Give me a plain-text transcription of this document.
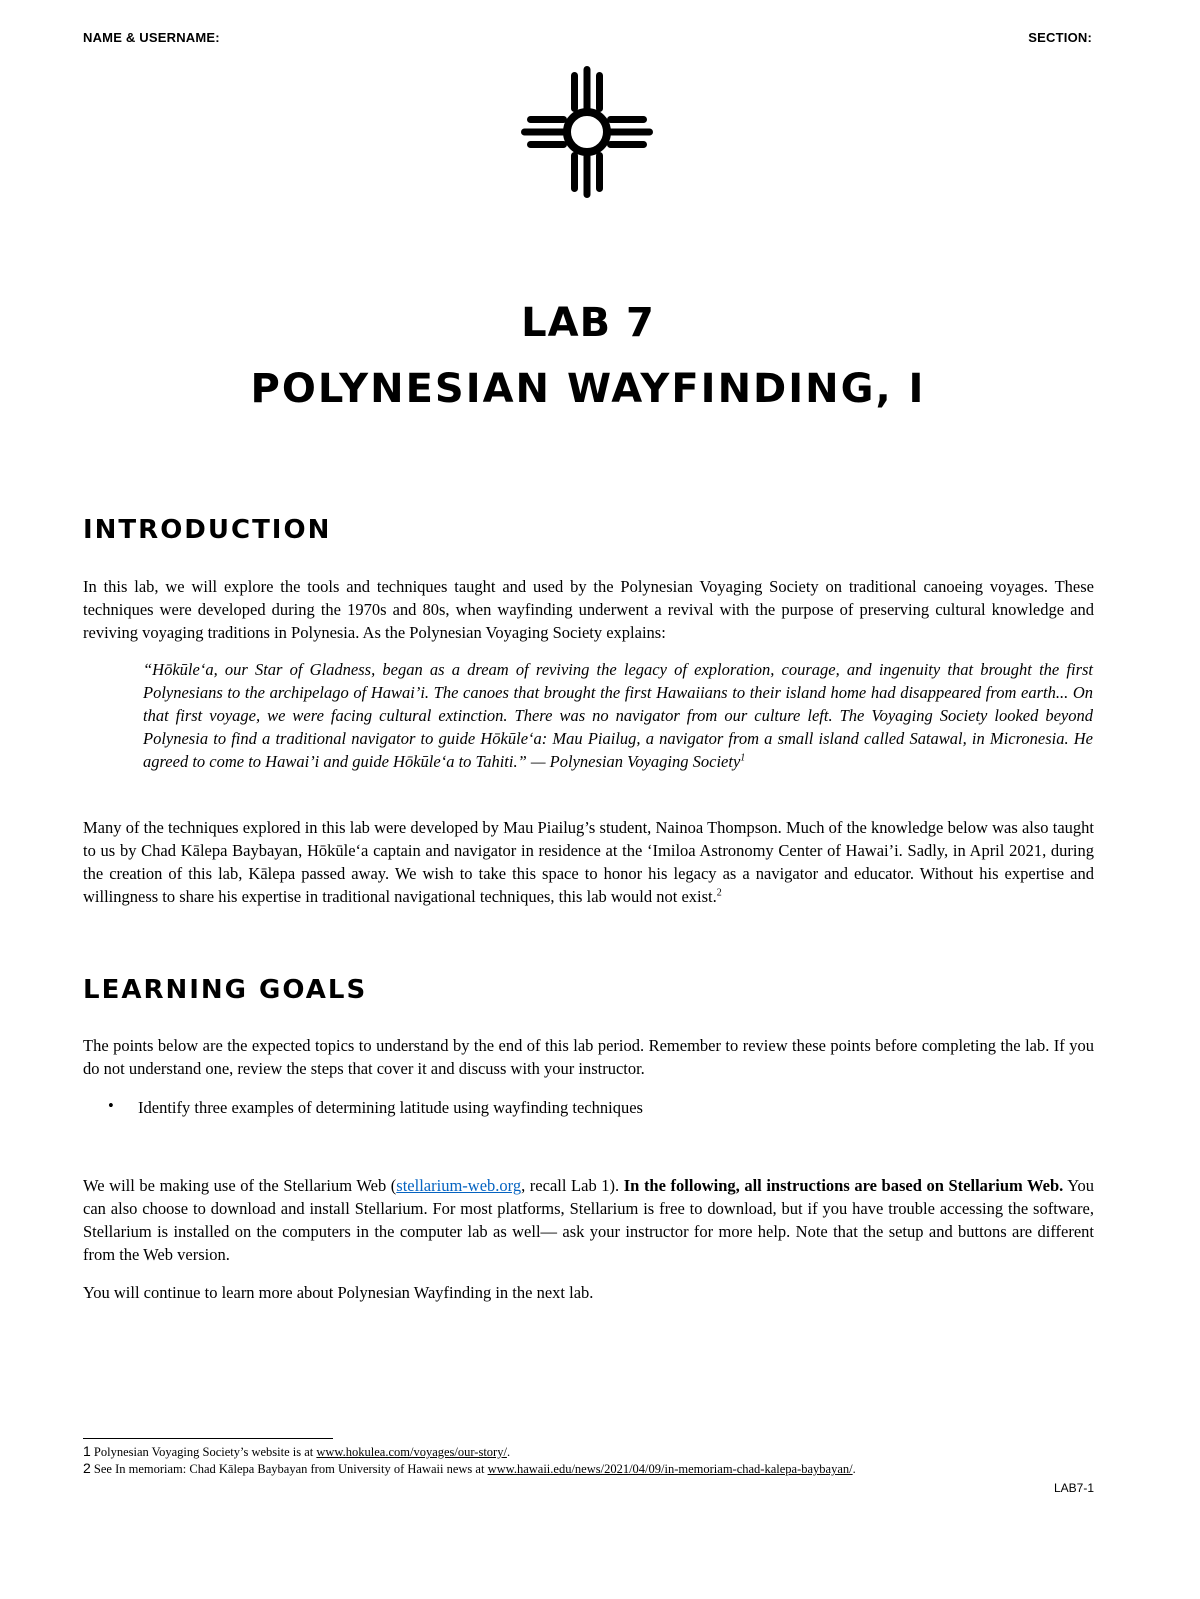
NAME & USERNAME:	SECTION:
LAB 7
POLYNESIAN WAYFINDING, I
INTRODUCTION
In this lab, we will explore the tools and techniques taught and used by the Polynesian Voyaging Society on traditional canoeing voyages. These techniques were developed during the 1970s and 80s, when wayfinding underwent a revival with the purpose of preserving cultural knowledge and reviving voyaging traditions in Polynesia. As the Polynesian Voyaging Society explains:
“Hōkūle‘a, our Star of Gladness, began as a dream of reviving the legacy of exploration, courage, and ingenuity that brought the first Polynesians to the archipelago of Hawai’i. The canoes that brought the first Hawaiians to their island home had disappeared from earth... On that first voyage, we were facing cultural extinction. There was no navigator from our culture left. The Voyaging Society looked beyond Polynesia to find a traditional navigator to guide Hōkūle‘a: Mau Piailug, a navigator from a small island called Satawal, in Micronesia. He agreed to come to Hawai’i and guide Hōkūle‘a to Tahiti.” — Polynesian Voyaging Society$^1$
Many of the techniques explored in this lab were developed by Mau Piailug’s student, Nainoa Thompson. Much of the knowledge below was also taught to us by Chad Kālepa Baybayan, Hōkūle‘a captain and navigator in residence at the ‘Imiloa Astronomy Center of Hawai’i. Sadly, in April 2021, during the creation of this lab, Kālepa passed away. We wish to take this space to honor his legacy as a navigator and educator. Without his expertise and willingness to share his expertise in traditional navigational techniques, this lab would not exist.$^2$
LEARNING GOALS
The points below are the expected topics to understand by the end of this lab period. Remember to review these points before completing the lab. If you do not understand one, review the steps that cover it and discuss with your instructor.
• Identify three examples of determining latitude using wayfinding techniques
We will be making use of the Stellarium Web (stellarium-web.org, recall Lab 1). In the following, all instructions are based on Stellarium Web. You can also choose to download and install Stellarium. For most platforms, Stellarium is free to download, but if you have trouble accessing the software, Stellarium is installed on the computers in the computer lab as well— ask your instructor for more help. Note that the setup and buttons are different from the Web version.
You will continue to learn more about Polynesian Wayfinding in the next lab.
1 Polynesian Voyaging Society’s website is at www.hokulea.com/voyages/our-story/.
2 See In memoriam: Chad Kālepa Baybayan from University of Hawaii news at www.hawaii.edu/news/2021/04/09/in-memoriam-chad-kalepa-baybayan/.
LAB7-1
